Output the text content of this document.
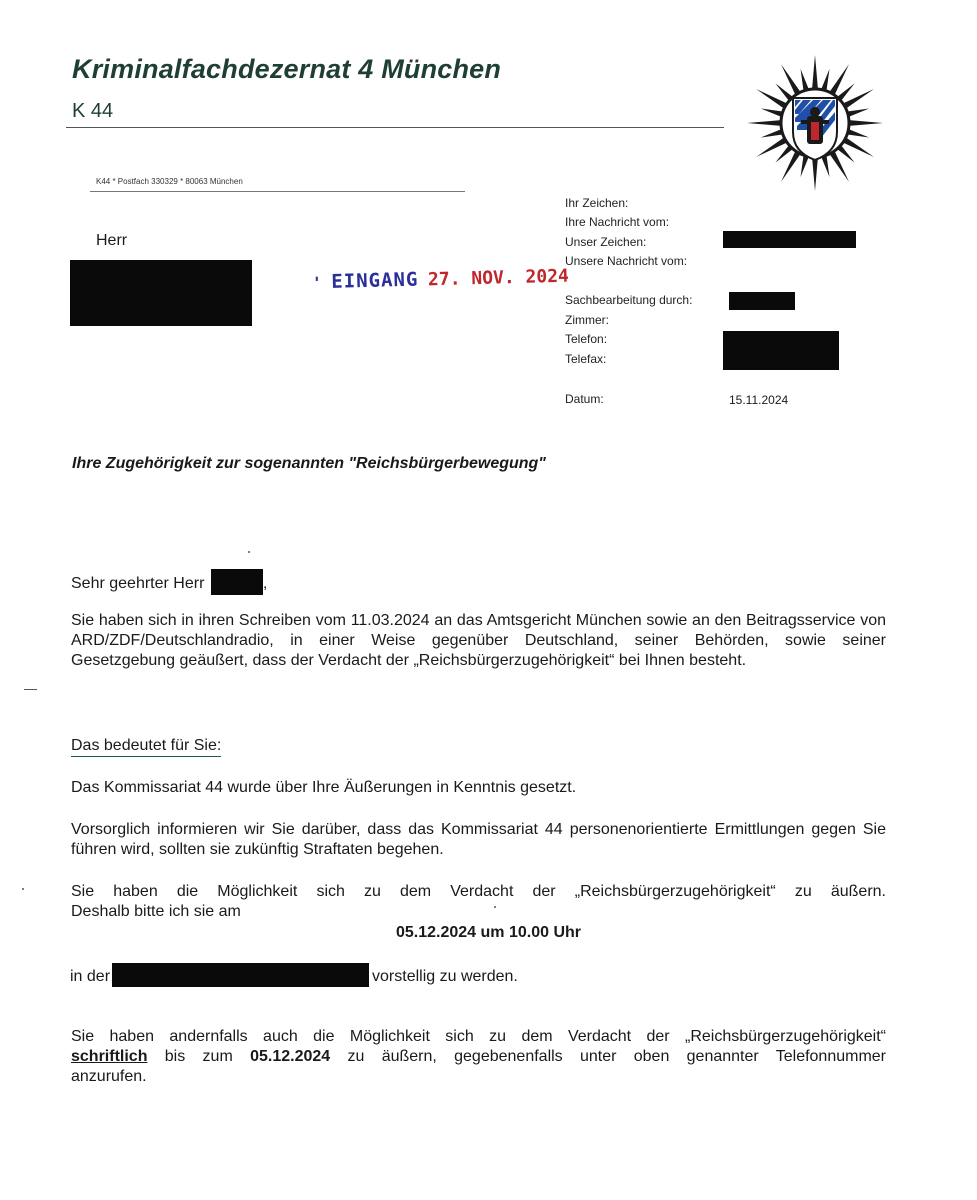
Kriminalfachdezernat 4 München
K 44
K44 * Postfach 330329 * 80063 München
Herr
' EINGANG 27. NOV. 2024
Ihr Zeichen:
Ihre Nachricht vom:
Unser Zeichen:
Unsere Nachricht vom:
Sachbearbeitung durch:
Zimmer:
Telefon:
Telefax:
Datum:	15.11.2024
Ihre Zugehörigkeit zur sogenannten "Reichsbürgerbewegung"
Sehr geehrter Herr	,
Sie haben sich in ihren Schreiben vom 11.03.2024 an das Amtsgericht München sowie an den Beitragsservice von ARD/ZDF/Deutschlandradio, in einer Weise gegenüber Deutschland, seiner Behörden, sowie seiner Gesetzgebung geäußert, dass der Verdacht der „Reichsbürgerzugehörigkeit“ bei Ihnen besteht.
Das bedeutet für Sie:
Das Kommissariat 44 wurde über Ihre Äußerungen in Kenntnis gesetzt.
Vorsorglich informieren wir Sie darüber, dass das Kommissariat 44 personenorientierte Ermittlungen gegen Sie führen wird, sollten sie zukünftig Straftaten begehen.
Sie haben die Möglichkeit sich zu dem Verdacht der „Reichsbürgerzugehörigkeit“ zu äußern.
Deshalb bitte ich sie am
05.12.2024 um 10.00 Uhr
in der	vorstellig zu werden.
Sie haben andernfalls auch die Möglichkeit sich zu dem Verdacht der „Reichsbürgerzugehörigkeit“
schriftlich bis zum 05.12.2024 zu äußern, gegebenenfalls unter oben genannter Telefonnummer
anzurufen.
